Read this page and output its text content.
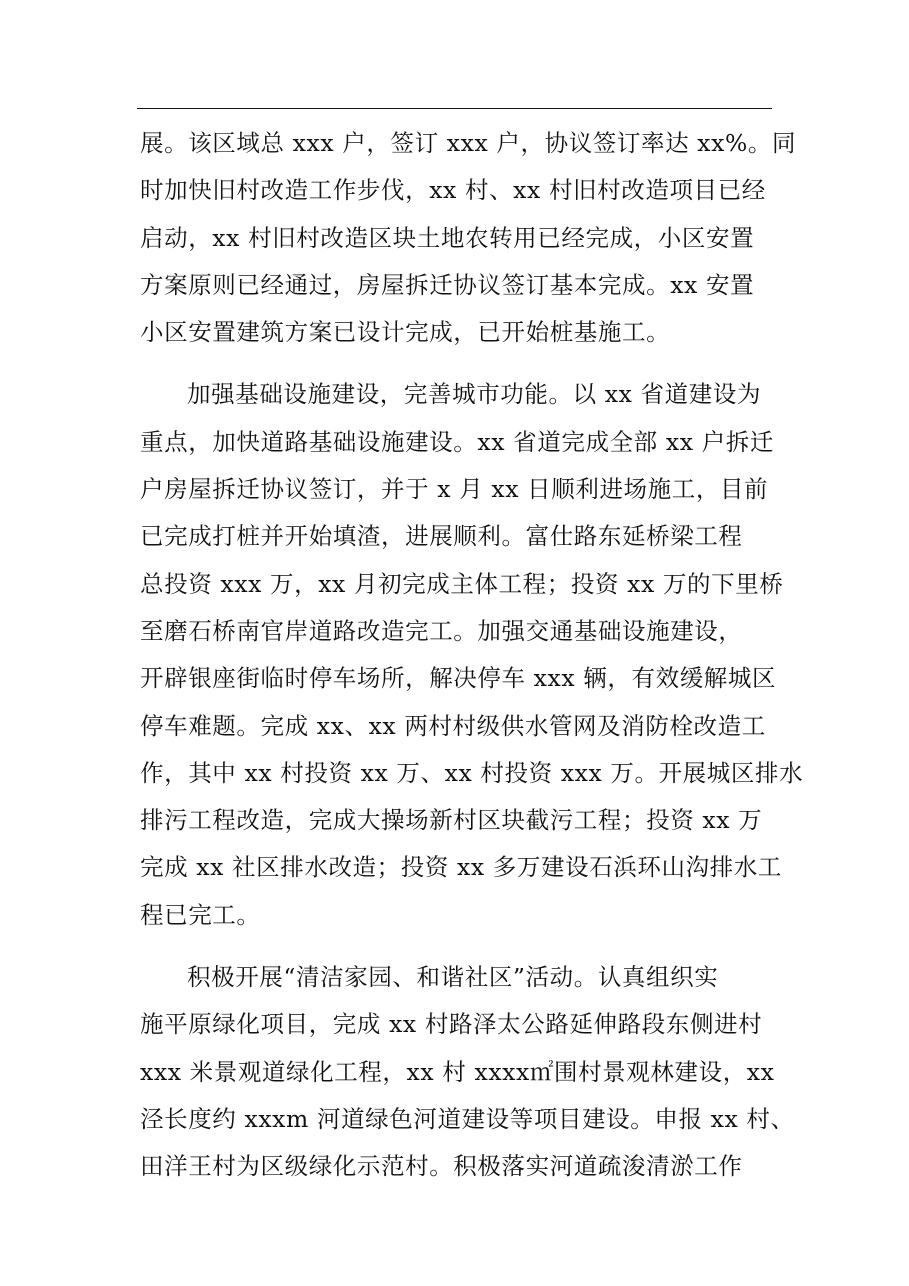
展。该区域总 xxx 户，签订 xxx 户，协议签订率达 xx%。同
时加快旧村改造工作步伐，xx 村、xx 村旧村改造项目已经
启动，xx 村旧村改造区块土地农转用已经完成，小区安置
方案原则已经通过，房屋拆迁协议签订基本完成。xx 安置
小区安置建筑方案已设计完成，已开始桩基施工。
加强基础设施建设，完善城市功能。以 xx 省道建设为
重点，加快道路基础设施建设。xx 省道完成全部 xx 户拆迁
户房屋拆迁协议签订，并于 x 月 xx 日顺利进场施工，目前
已完成打桩并开始填渣，进展顺利。富仕路东延桥梁工程
总投资 xxx 万，xx 月初完成主体工程；投资 xx 万的下里桥
至磨石桥南官岸道路改造完工。加强交通基础设施建设，
开辟银座街临时停车场所，解决停车 xxx 辆，有效缓解城区
停车难题。完成 xx、xx 两村村级供水管网及消防栓改造工
作，其中 xx 村投资 xx 万、xx 村投资 xxx 万。开展城区排水
排污工程改造，完成大操场新村区块截污工程；投资 xx 万
完成 xx 社区排水改造；投资 xx 多万建设石浜环山沟排水工
程已完工。
积极开展“清洁家园、和谐社区”活动。认真组织实
施平原绿化项目，完成 xx 村路泽太公路延伸路段东侧进村
xxx 米景观道绿化工程，xx 村 xxxx㎡围村景观林建设，xx
泾长度约 xxxm 河道绿色河道建设等项目建设。申报 xx 村、
田洋王村为区级绿化示范村。积极落实河道疏浚清淤工作
